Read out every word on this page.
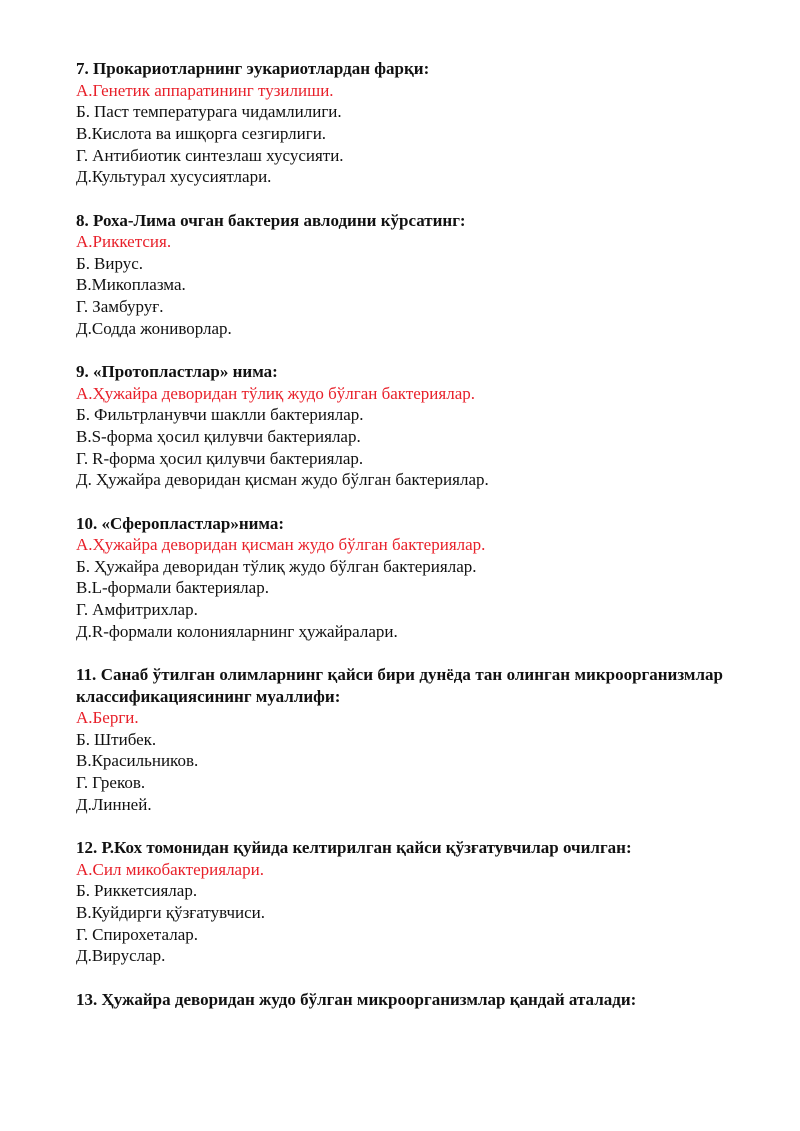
7. Прокариотларнинг эукариотлардан фарқи:
А.Генетик аппаратининг тузилиши.
Б. Паст температурага чидамлилиги.
В.Кислота ва ишқорга сезгирлиги.
Г. Антибиотик синтезлаш хусусияти.
Д.Культурал хусусиятлари.
8. Роха-Лима очган бактерия авлодини кўрсатинг:
А.Риккетсия.
Б. Вирус.
В.Микоплазма.
Г. Замбуруғ.
Д.Содда жониворлар.
9. «Протопластлар» нима:
А.Ҳужайра деворидан тўлиқ жудо бўлган бактериялар.
Б. Фильтрланувчи шаклли бактериялар.
В.S-форма ҳосил қилувчи бактериялар.
Г. R-форма ҳосил қилувчи бактериялар.
Д. Ҳужайра деворидан қисман жудо бўлган бактериялар.
10. «Сферопластлар»нима:
А.Ҳужайра деворидан қисман жудо бўлган бактериялар.
Б. Ҳужайра деворидан тўлиқ жудо бўлган бактериялар.
В.L-формали бактериялар.
Г. Амфитрихлар.
Д.R-формали колонияларнинг ҳужайралари.
11. Санаб ўтилган олимларнинг қайси бири дунёда тан олинган микроорганизмлар классификациясининг муаллифи:
А.Берги.
Б. Штибек.
В.Красильников.
Г. Греков.
Д.Линней.
12. Р.Кох томонидан қуйида келтирилган қайси қўзғатувчилар очилган:
А.Сил микобактериялари.
Б. Риккетсиялар.
В.Куйдирги қўзғатувчиси.
Г. Спирохеталар.
Д.Вируслар.
13. Ҳужайра деворидан жудо бўлган микроорганизмлар қандай аталади:
